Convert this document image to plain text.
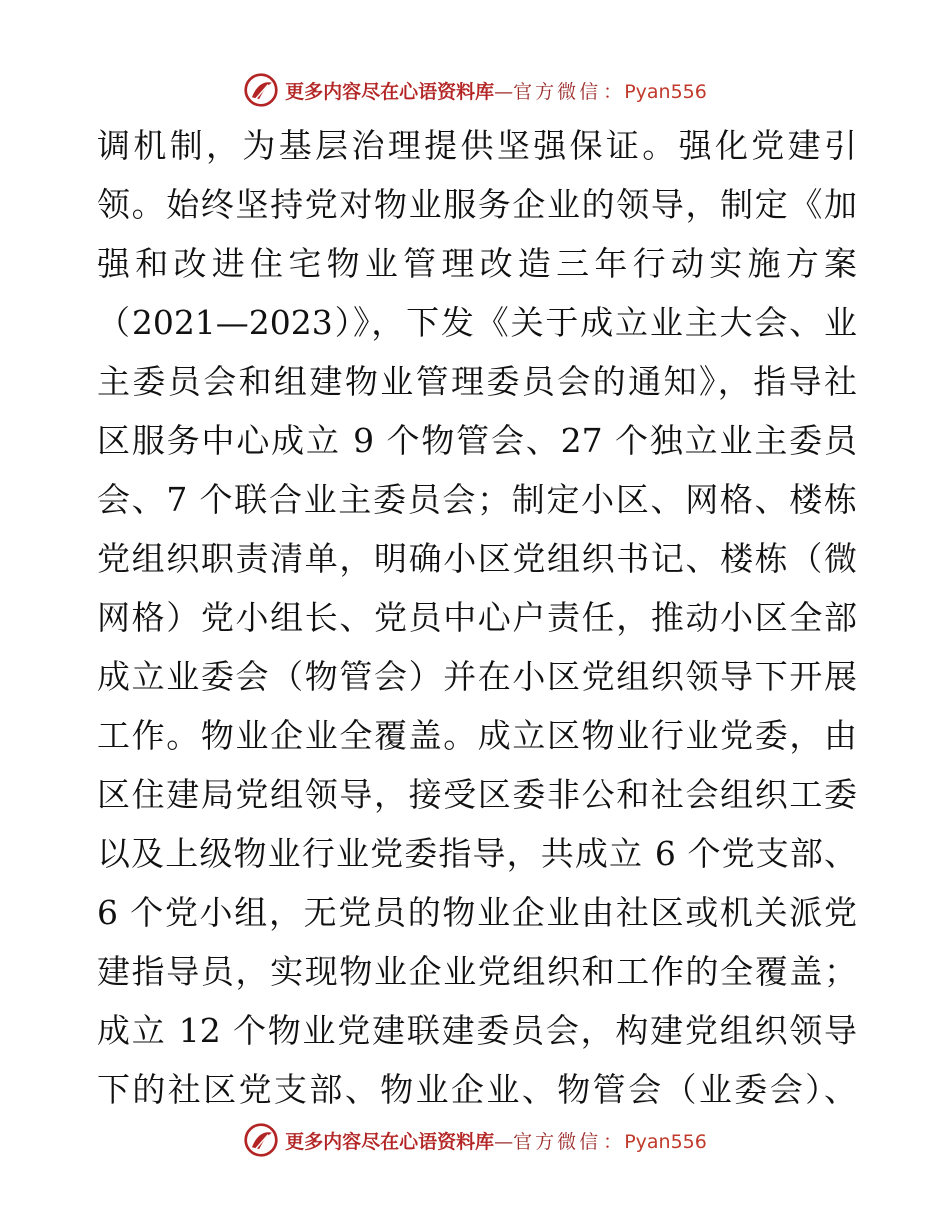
更多内容尽在心语资料库 — 官方微信 ： Pyan556
调机制，为基层治理提供坚强保证。强化党建引
领。始终坚持党对物业服务企业的领导，制定《加
强和改进住宅物业管理改造三年行动实施方案
（2021—2023）》，下发《关于成立业主大会、业
主委员会和组建物业管理委员会的通知》，指导社
区服务中心成立 9 个物管会、27 个独立业主委员
会、7 个联合业主委员会；制定小区、网格、楼栋
党组织职责清单，明确小区党组织书记、楼栋（微
网格）党小组长、党员中心户责任，推动小区全部
成立业委会（物管会）并在小区党组织领导下开展
工作。物业企业全覆盖。成立区物业行业党委，由
区住建局党组领导，接受区委非公和社会组织工委
以及上级物业行业党委指导，共成立 6 个党支部、
6 个党小组，无党员的物业企业由社区或机关派党
建指导员，实现物业企业党组织和工作的全覆盖；
成立 12 个物业党建联建委员会，构建党组织领导
下的社区党支部、物业企业、物管会（业委会）、
更多内容尽在心语资料库 — 官方微信 ： Pyan556
